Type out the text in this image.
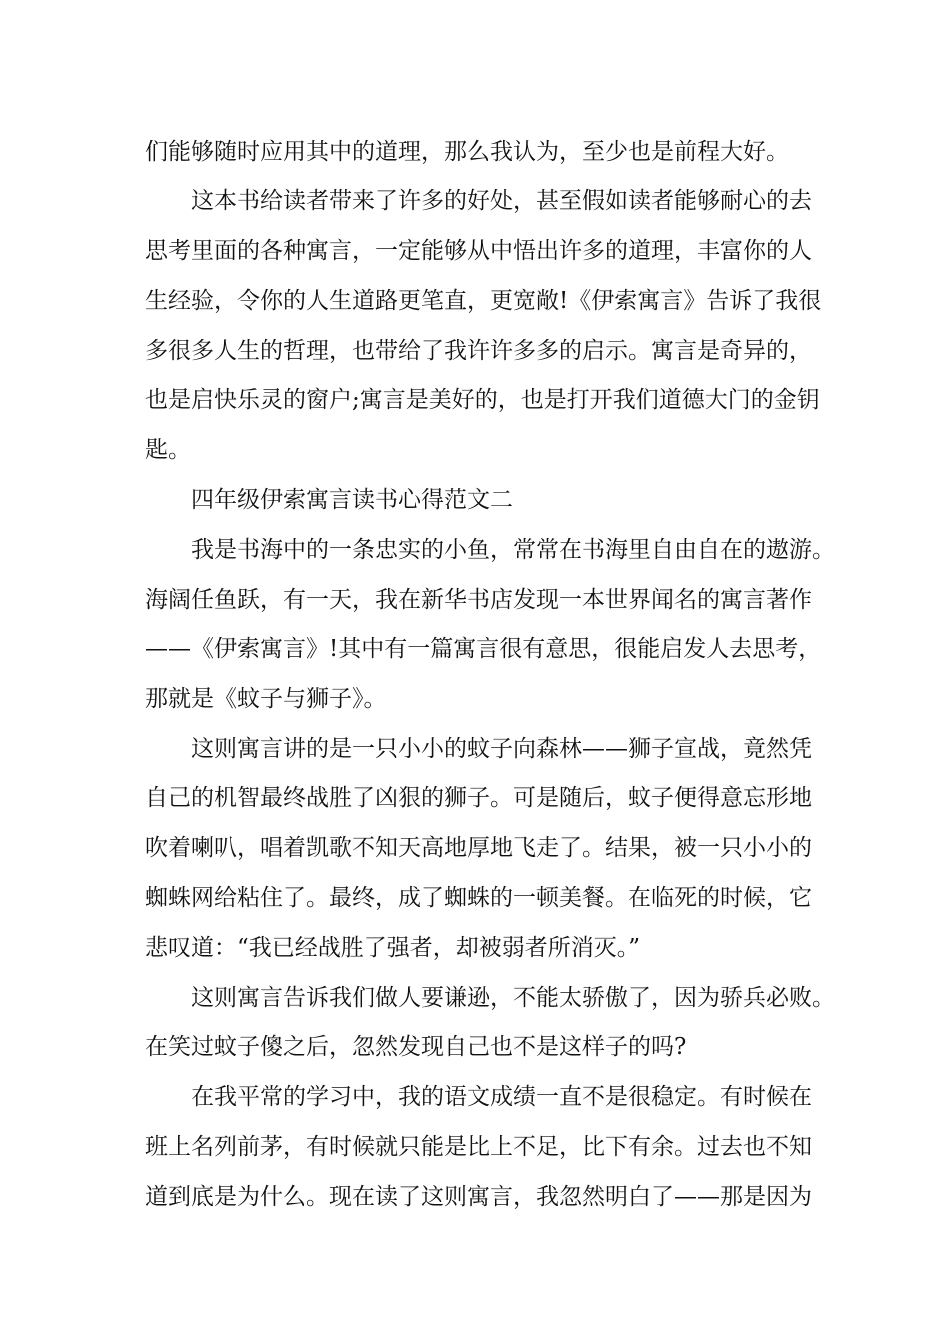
们能够随时应用其中的道理，那么我认为，至少也是前程大好。
　　这本书给读者带来了许多的好处，甚至假如读者能够耐心的去
思考里面的各种寓言，一定能够从中悟出许多的道理，丰富你的人
生经验，令你的人生道路更笔直，更宽敞!《伊索寓言》告诉了我很
多很多人生的哲理，也带给了我许许多多的启示。寓言是奇异的，
也是启快乐灵的窗户;寓言是美好的，也是打开我们道德大门的金钥
匙。
　　四年级伊索寓言读书心得范文二
　　我是书海中的一条忠实的小鱼，常常在书海里自由自在的遨游。
海阔任鱼跃，有一天，我在新华书店发现一本世界闻名的寓言著作
——《伊索寓言》!其中有一篇寓言很有意思，很能启发人去思考，
那就是《蚊子与狮子》。
　　这则寓言讲的是一只小小的蚊子向森林——狮子宣战，竟然凭
自己的机智最终战胜了凶狠的狮子。可是随后，蚊子便得意忘形地
吹着喇叭，唱着凯歌不知天高地厚地飞走了。结果，被一只小小的
蜘蛛网给粘住了。最终，成了蜘蛛的一顿美餐。在临死的时候，它
悲叹道：“我已经战胜了强者，却被弱者所消灭。”
　　这则寓言告诉我们做人要谦逊，不能太骄傲了，因为骄兵必败。
在笑过蚊子傻之后，忽然发现自己也不是这样子的吗?
　　在我平常的学习中，我的语文成绩一直不是很稳定。有时候在
班上名列前茅，有时候就只能是比上不足，比下有余。过去也不知
道到底是为什么。现在读了这则寓言，我忽然明白了——那是因为
